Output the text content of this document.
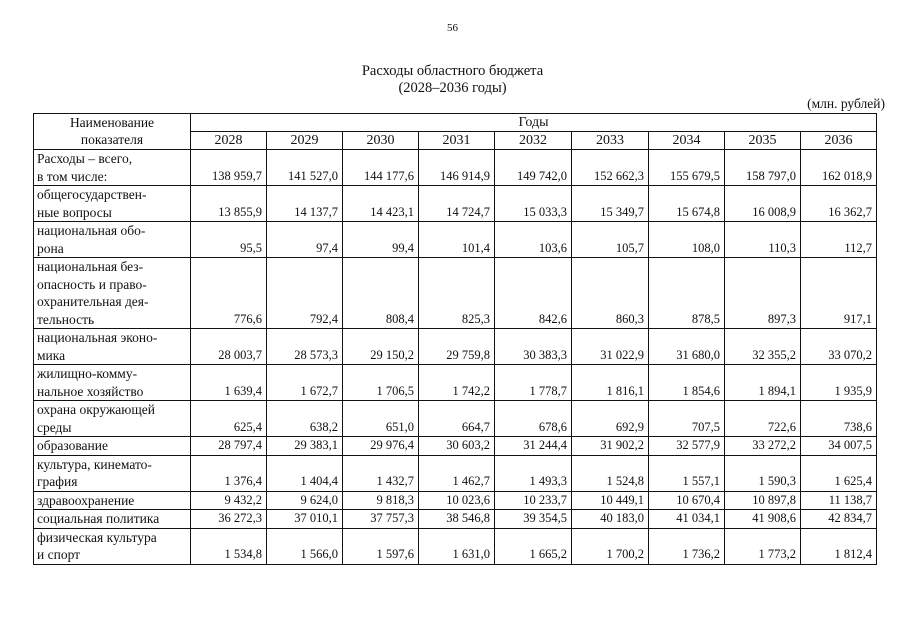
56
Расходы областного бюджета
(2028–2036 годы)
(млн. рублей)
Наименование
показателя	Годы								
	2028	2029	2030	2031	2032	2033	2034	2035	2036

Расходы – всего,
в том числе:	138 959,7	141 527,0	144 177,6	146 914,9	149 742,0	152 662,3	155 679,5	158 797,0	162 018,9

общегосударствен-
ные вопросы	13 855,9	14 137,7	14 423,1	14 724,7	15 033,3	15 349,7	15 674,8	16 008,9	16 362,7

национальная обо-
рона	95,5	97,4	99,4	101,4	103,6	105,7	108,0	110,3	112,7

национальная без-
опасность и право-
охранительная дея-
тельность	776,6	792,4	808,4	825,3	842,6	860,3	878,5	897,3	917,1

национальная эконо-
мика	28 003,7	28 573,3	29 150,2	29 759,8	30 383,3	31 022,9	31 680,0	32 355,2	33 070,2

жилищно-комму-
нальное хозяйство	1 639,4	1 672,7	1 706,5	1 742,2	1 778,7	1 816,1	1 854,6	1 894,1	1 935,9

охрана окружающей
среды	625,4	638,2	651,0	664,7	678,6	692,9	707,5	722,6	738,6

образование	28 797,4	29 383,1	29 976,4	30 603,2	31 244,4	31 902,2	32 577,9	33 272,2	34 007,5

культура, кинемато-
графия	1 376,4	1 404,4	1 432,7	1 462,7	1 493,3	1 524,8	1 557,1	1 590,3	1 625,4

здравоохранение	9 432,2	9 624,0	9 818,3	10 023,6	10 233,7	10 449,1	10 670,4	10 897,8	11 138,7

социальная политика	36 272,3	37 010,1	37 757,3	38 546,8	39 354,5	40 183,0	41 034,1	41 908,6	42 834,7

физическая культура
и спорт	1 534,8	1 566,0	1 597,6	1 631,0	1 665,2	1 700,2	1 736,2	1 773,2	1 812,4
